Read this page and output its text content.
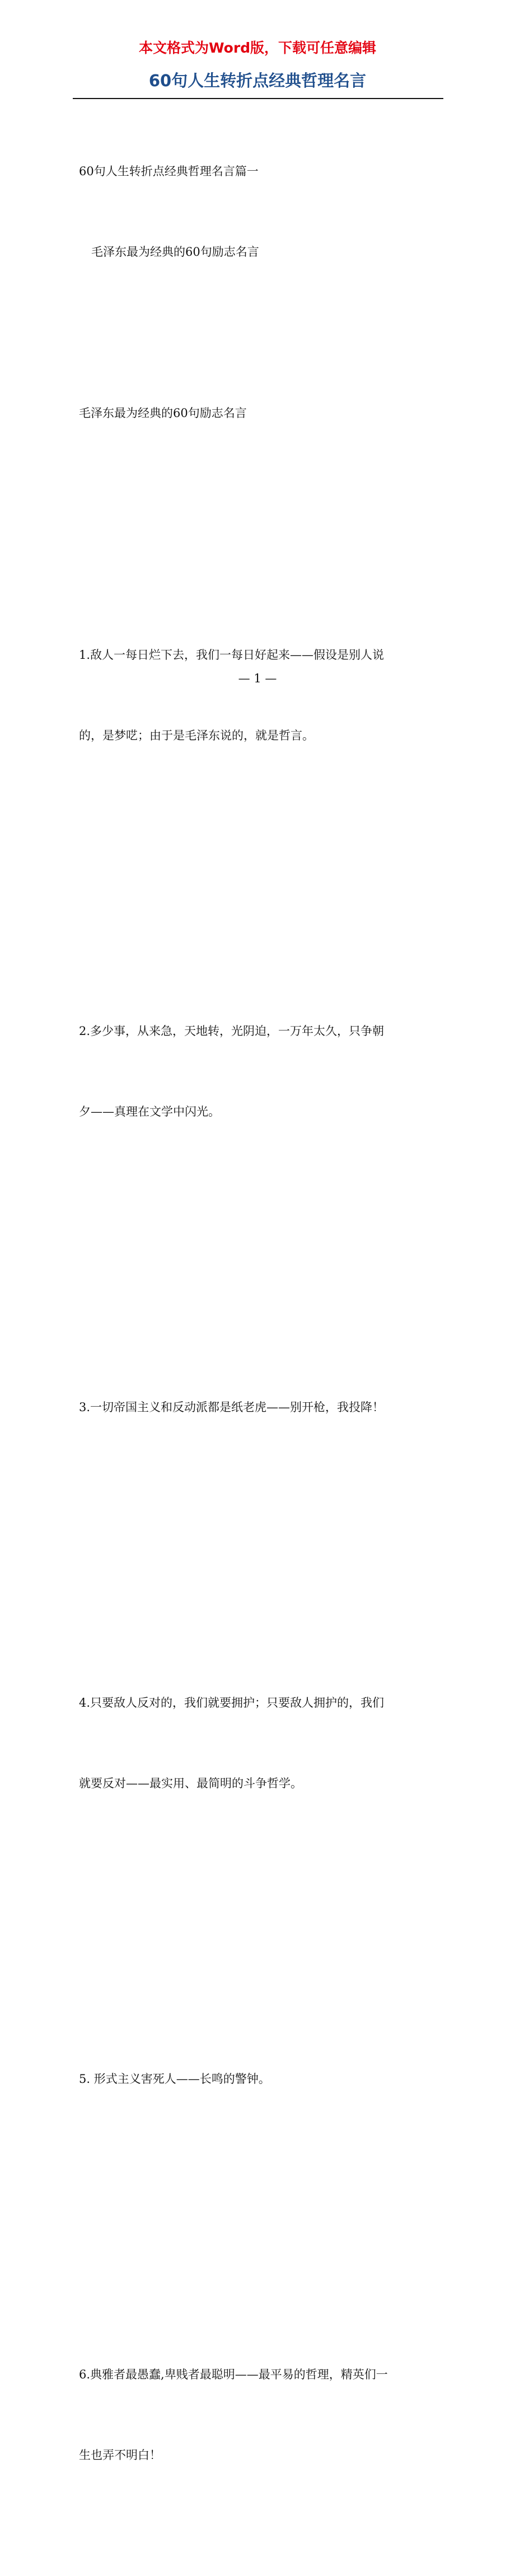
本文格式为Word版，下载可任意编辑
60句人生转折点经典哲理名言

60句人生转折点经典哲理名言篇一

毛泽东最为经典的60句励志名言

毛泽东最为经典的60句励志名言

1.敌人一每日烂下去，我们一每日好起来——假设是别人说

的，是梦呓；由于是毛泽东说的，就是哲言。

2.多少事，从来急，天地转，光阴迫，一万年太久，只争朝

夕——真理在文学中闪光。

3.一切帝国主义和反动派都是纸老虎——别开枪，我投降！

4.只要敌人反对的，我们就要拥护；只要敌人拥护的，我们

就要反对——最实用、最简明的斗争哲学。

5. 形式主义害死人——长鸣的警钟。

6.典雅者最愚蠢,卑贱者最聪明——最平易的哲理，精英们一

生也弄不明白！

— 1 —
